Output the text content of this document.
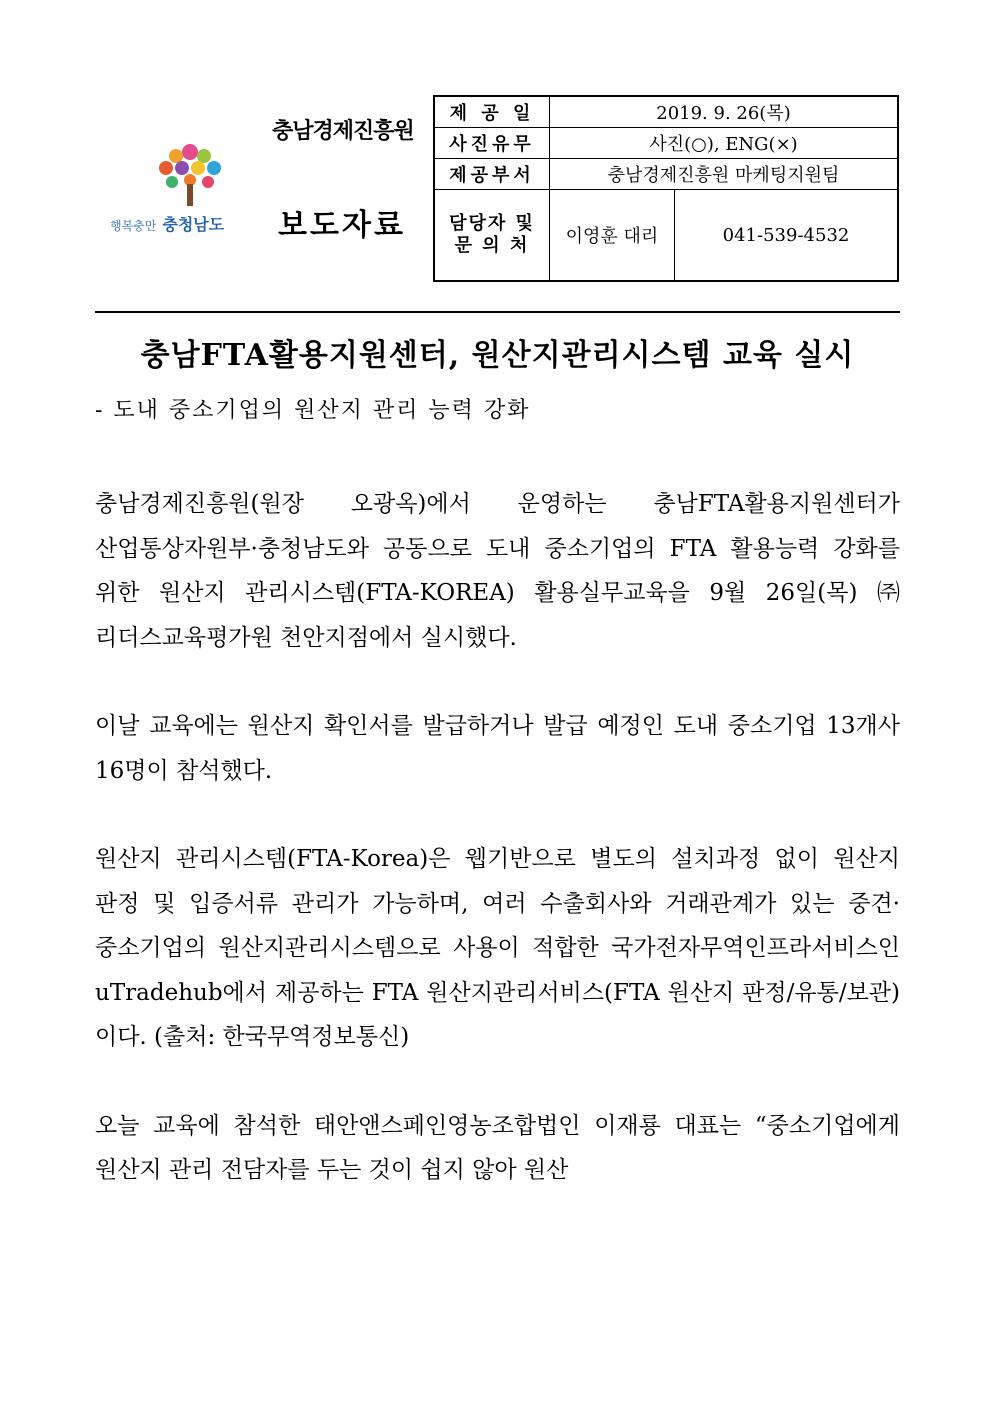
행복충만 충청남도
충남경제진흥원
보도자료
제 공 일	2019. 9. 26(목)	
사진유무	사진(○), ENG(×)	
제공부서	충남경제진흥원 마케팅지원팀	

담당자 및
문 의 처	이영훈 대리	041-539-4532
충남FTA활용지원센터, 원산지관리시스템 교육 실시
- 도내 중소기업의 원산지 관리 능력 강화

충남경제진흥원(원장 오광옥)에서 운영하는 충남FTA활용지원센터가 산업통상자원부·충청남도와 공동으로 도내 중소기업의 FTA 활용능력 강화를 위한 원산지 관리시스템(FTA-KOREA) 활용실무교육을 9월 26일(목) ㈜리더스교육평가원 천안지점에서 실시했다.

이날 교육에는 원산지 확인서를 발급하거나 발급 예정인 도내 중소기업 13개사 16명이 참석했다.

원산지 관리시스템(FTA-Korea)은 웹기반으로 별도의 설치과정 없이 원산지 판정 및 입증서류 관리가 가능하며, 여러 수출회사와 거래관계가 있는 중견·중소기업의 원산지관리시스템으로 사용이 적합한 국가전자무역인프라서비스인 uTradehub에서 제공하는 FTA 원산지관리서비스(FTA 원산지 판정/유통/보관)이다. (출처: 한국무역정보통신)

오늘 교육에 참석한 태안앤스페인영농조합법인 이재룡 대표는 “중소기업에게 원산지 관리 전담자를 두는 것이 쉽지 않아 원산
